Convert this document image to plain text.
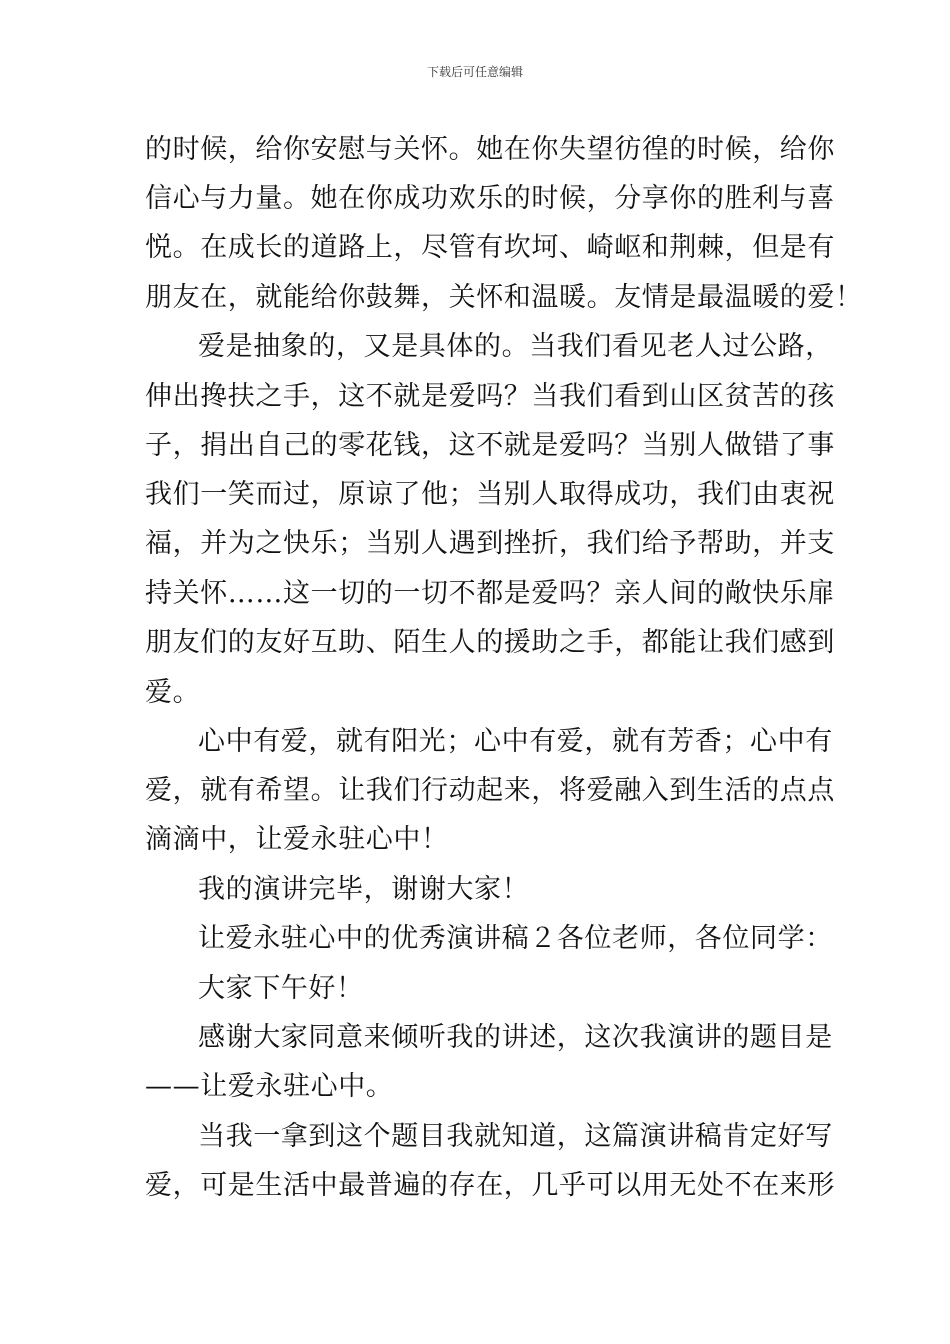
下载后可任意编辑
的时候，给你安慰与关怀。她在你失望彷徨的时候，给你
信心与力量。她在你成功欢乐的时候，分享你的胜利与喜
悦。在成长的道路上，尽管有坎坷、崎岖和荆棘，但是有
朋友在，就能给你鼓舞，关怀和温暖。友情是最温暖的爱！
爱是抽象的，又是具体的。当我们看见老人过公路，
伸出搀扶之手，这不就是爱吗？当我们看到山区贫苦的孩
子，捐出自己的零花钱，这不就是爱吗？当别人做错了事
我们一笑而过，原谅了他；当别人取得成功，我们由衷祝
福，并为之快乐；当别人遇到挫折，我们给予帮助，并支
持关怀……这一切的一切不都是爱吗？亲人间的敞快乐扉
朋友们的友好互助、陌生人的援助之手，都能让我们感到
爱。
心中有爱，就有阳光；心中有爱，就有芳香；心中有
爱，就有希望。让我们行动起来，将爱融入到生活的点点
滴滴中，让爱永驻心中！
我的演讲完毕，谢谢大家！
让爱永驻心中的优秀演讲稿２各位老师，各位同学：
大家下午好！
感谢大家同意来倾听我的讲述，这次我演讲的题目是
——让爱永驻心中。
当我一拿到这个题目我就知道，这篇演讲稿肯定好写
爱，可是生活中最普遍的存在，几乎可以用无处不在来形
